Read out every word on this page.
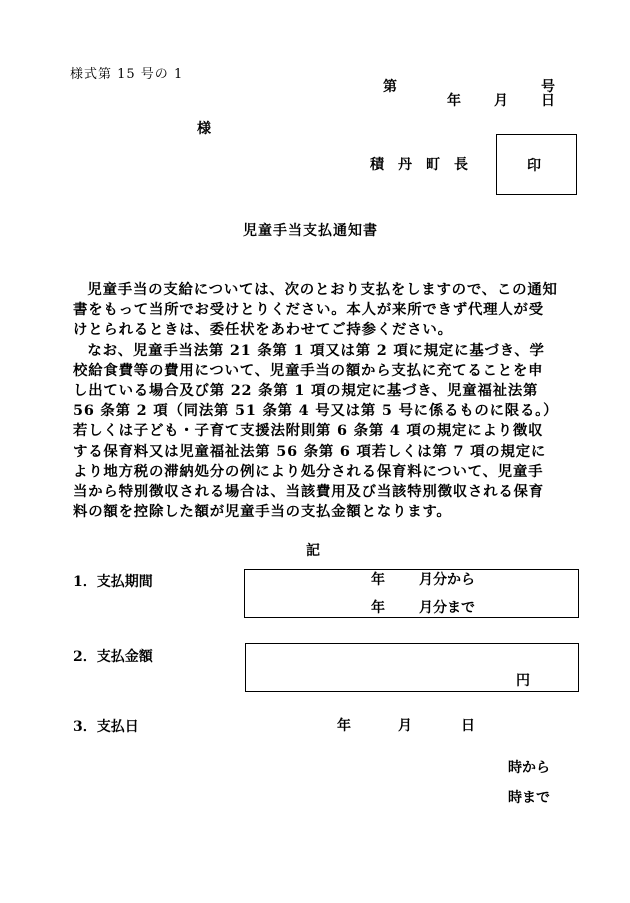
様式第 15 号の 1
第	号
年 月 日
様
積丹町長	印
児童手当支払通知書

児童手当の支給については、次のとおり支払をしますので、この通知書をもって当所でお受けとりください。本人が来所できず代理人が受けとられるときは、委任状をあわせてご持参ください。

なお、児童手当法第 21 条第 1 項又は第 2 項に規定に基づき、学校給食費等の費用について、児童手当の額から支払に充てることを申し出ている場合及び第 22 条第 1 項の規定に基づき、児童福祉法第 56 条第 2 項（同法第 51 条第 4 号又は第 5 号に係るものに限る。）若しくは子ども・子育て支援法附則第 6 条第 4 項の規定により徴収する保育料又は児童福祉法第 56 条第 6 項若しくは第 7 項の規定により地方税の滞納処分の例により処分される保育料について、児童手当から特別徴収される場合は、当該費用及び当該特別徴収される保育料の額を控除した額が児童手当の支払金額となります。

記
1．支払期間	年 月分から
年 月分まで
2．支払金額
円
3．支払日	年	月	日
時から
時まで
